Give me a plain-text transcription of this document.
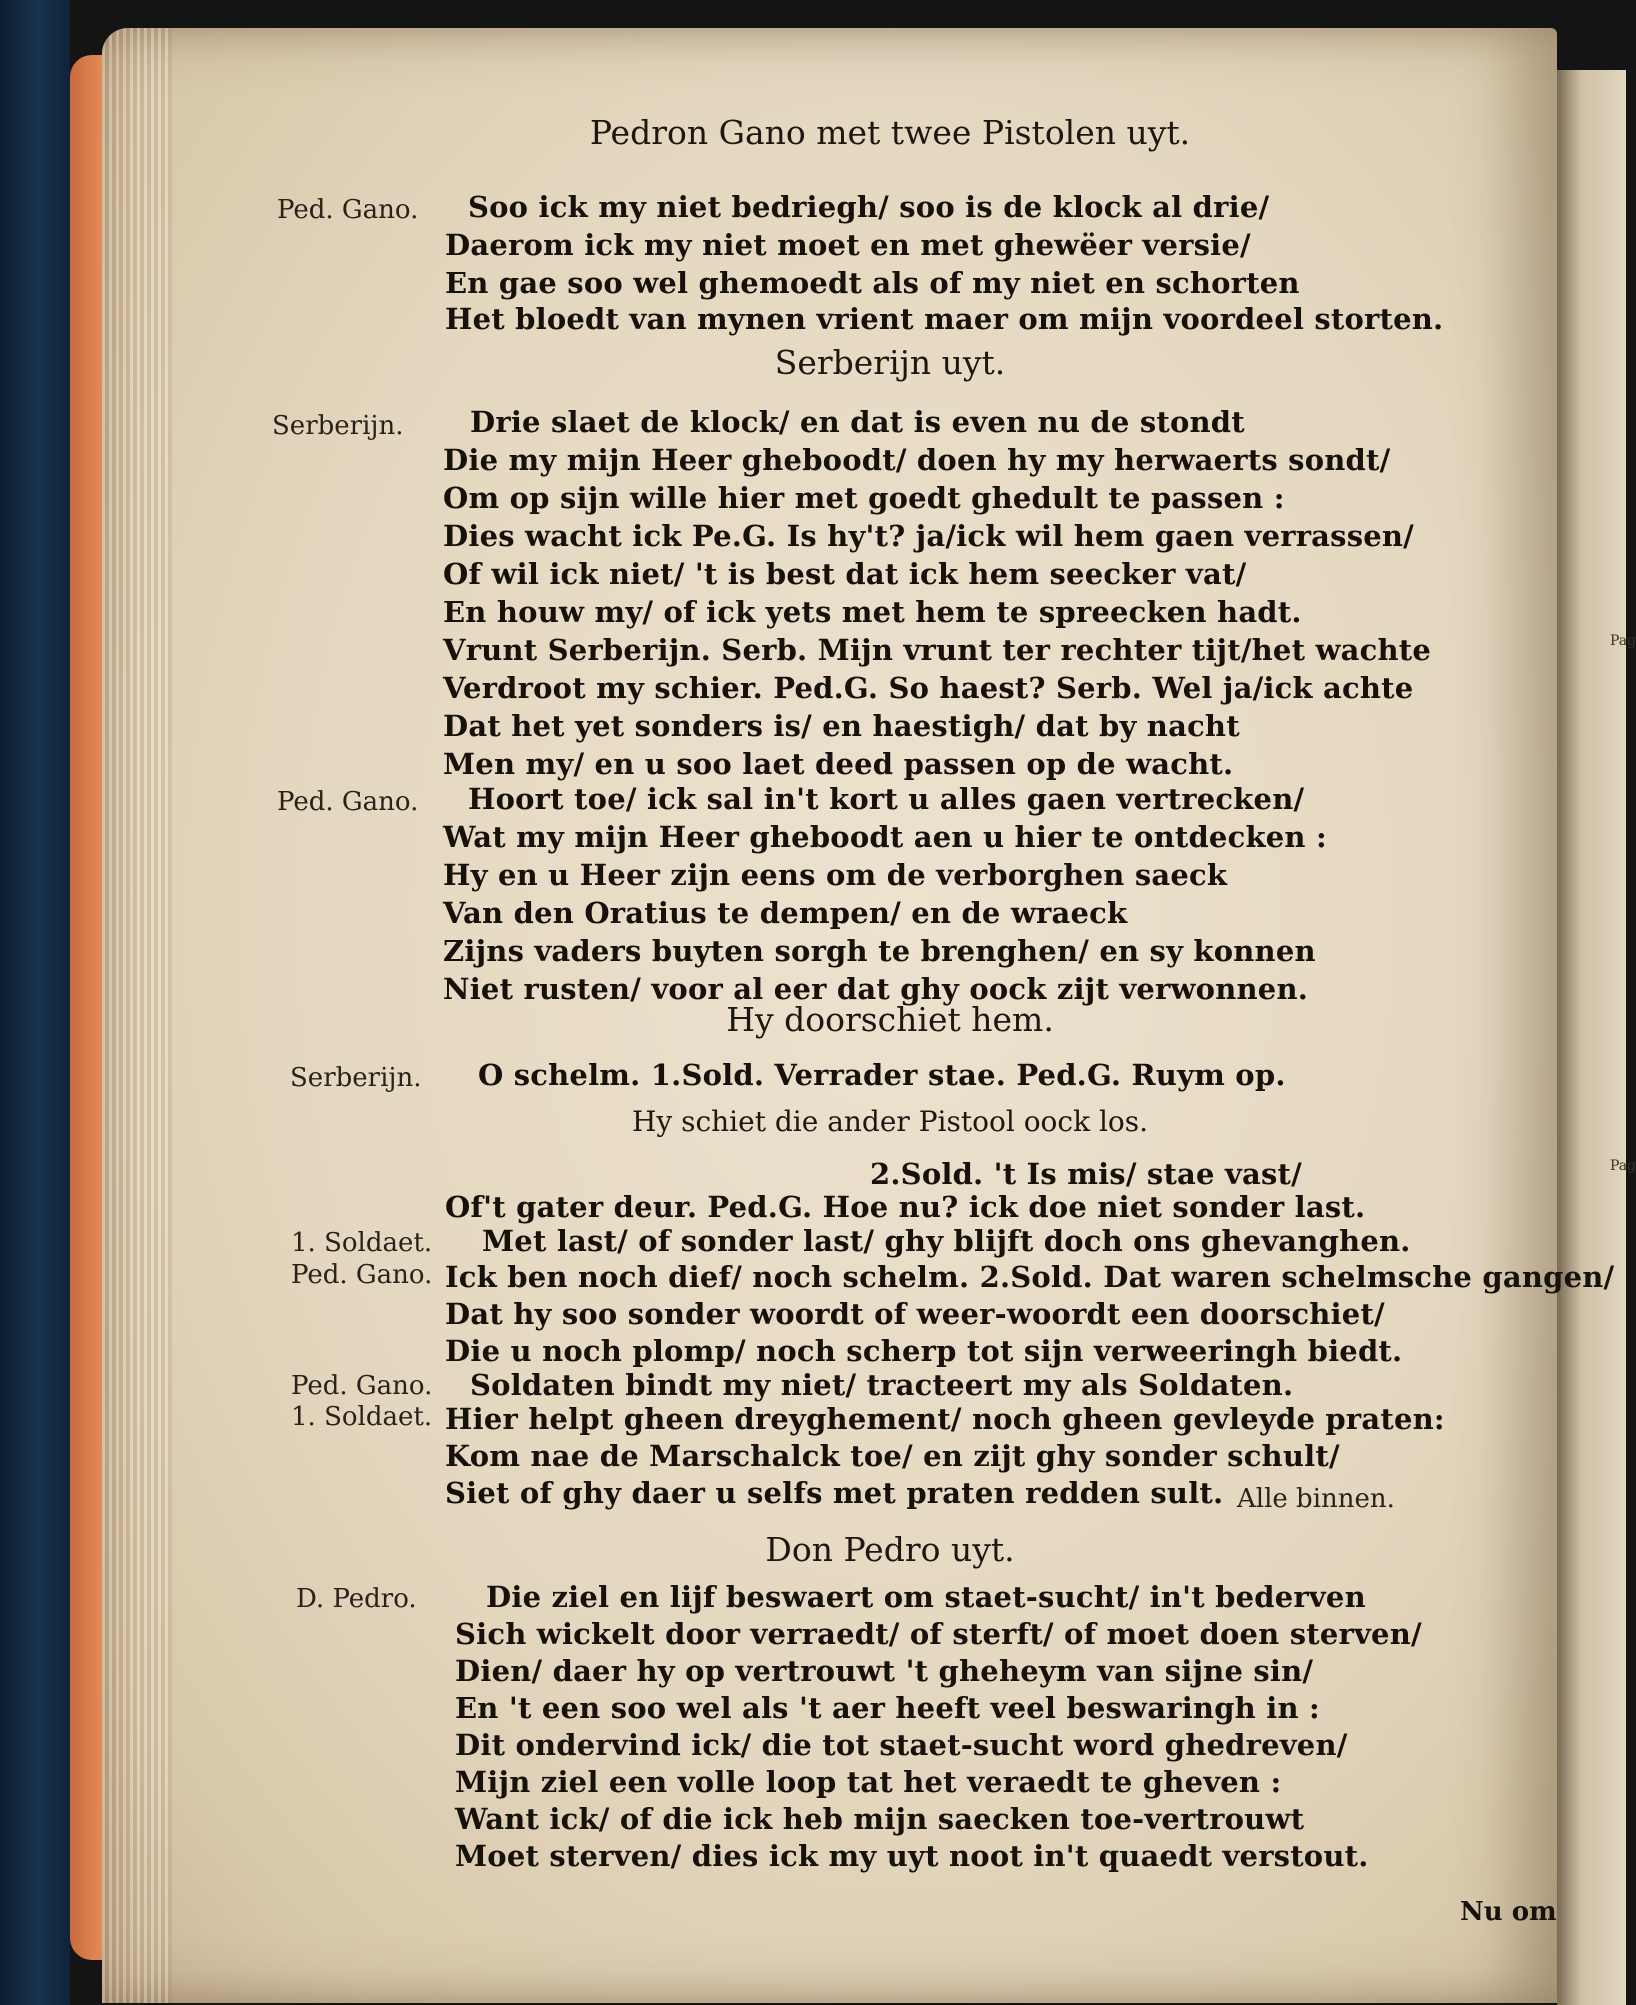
Pag
Pag
Pedron Gano met twee Pistolen uyt.
Ped. Gano. Soo ick my niet bedriegh/ soo is de klock al drie/
Daerom ick my niet moet en met ghewëer versie/
En gae soo wel ghemoedt als of my niet en schorten
Het bloedt van mynen vrient maer om mijn voordeel storten.
Serberijn uyt.
Serberijn. Drie slaet de klock/ en dat is even nu de stondt
Die my mijn Heer gheboodt/ doen hy my herwaerts sondt/
Om op sijn wille hier met goedt ghedult te passen :
Dies wacht ick Pe.G. Is hy't? ja/ick wil hem gaen verrassen/
Of wil ick niet/ 't is best dat ick hem seecker vat/
En houw my/ of ick yets met hem te spreecken hadt.
Vrunt Serberijn. Serb. Mijn vrunt ter rechter tijt/het wachte
Verdroot my schier. Ped.G. So haest? Serb. Wel ja/ick achte
Dat het yet sonders is/ en haestigh/ dat by nacht
Men my/ en u soo laet deed passen op de wacht.
Ped. Gano. Hoort toe/ ick sal in't kort u alles gaen vertrecken/
Wat my mijn Heer gheboodt aen u hier te ontdecken :
Hy en u Heer zijn eens om de verborghen saeck
Van den Oratius te dempen/ en de wraeck
Zijns vaders buyten sorgh te brenghen/ en sy konnen
Niet rusten/ voor al eer dat ghy oock zijt verwonnen.
Hy doorschiet hem.
Serberijn. O schelm. 1.Sold. Verrader stae. Ped.G. Ruym op.
Hy schiet die ander Pistool oock los.
2.Sold. 't Is mis/ stae vast/
Of't gater deur. Ped.G. Hoe nu? ick doe niet sonder last.
1. Soldaet. Met last/ of sonder last/ ghy blijft doch ons ghevanghen.
Ped. Gano. Ick ben noch dief/ noch schelm. 2.Sold. Dat waren schelmsche gangen/
Dat hy soo sonder woordt of weer-woordt een doorschiet/
Die u noch plomp/ noch scherp tot sijn verweeringh biedt.
Ped. Gano. Soldaten bindt my niet/ tracteert my als Soldaten.
1. Soldaet. Hier helpt gheen dreyghement/ noch gheen gevleyde praten:
Kom nae de Marschalck toe/ en zijt ghy sonder schult/
Siet of ghy daer u selfs met praten redden sult. Alle binnen.
Don Pedro uyt.
D. Pedro. Die ziel en lijf beswaert om staet-sucht/ in't bederven
Sich wickelt door verraedt/ of sterft/ of moet doen sterven/
Dien/ daer hy op vertrouwt 't gheheym van sijne sin/
En 't een soo wel als 't aer heeft veel beswaringh in :
Dit ondervind ick/ die tot staet-sucht word ghedreven/
Mijn ziel een volle loop tat het veraedt te gheven :
Want ick/ of die ick heb mijn saecken toe-vertrouwt
Moet sterven/ dies ick my uyt noot in't quaedt verstout.
Nu om
